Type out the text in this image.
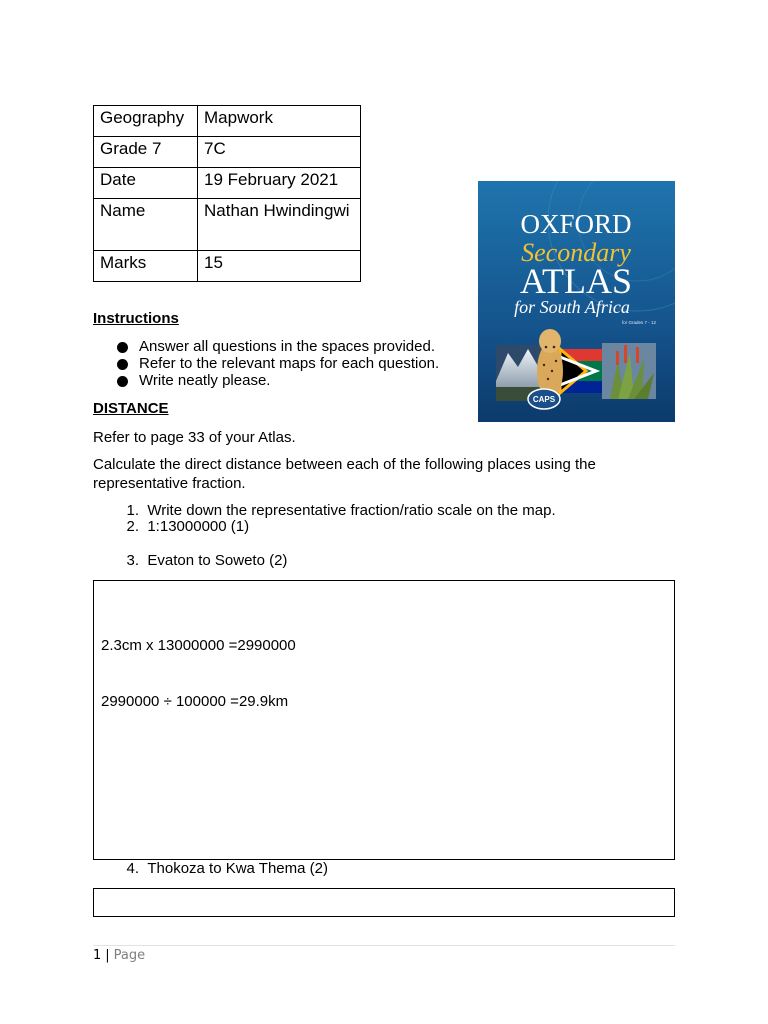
Geography	Mapwork
Grade 7	7C
Date	19 February 2021
Name	Nathan Hwindingwi
Marks	15
OXFORD
Secondary
ATLAS
for South Africa
for Grades 7 - 12
CAPS
Instructions
Answer all questions in the spaces provided.
Refer to the relevant maps for each question.
Write neatly please.
DISTANCE
Refer to page 33 of your Atlas.
Calculate the direct distance between each of the following places using the representative fraction.
1. Write down the representative fraction/ratio scale on the map.
2. 1:13000000 (1)
3. Evaton to Soweto (2)
2.3cm x 13000000 =2990000
2990000 ÷ 100000 =29.9km
4. Thokoza to Kwa Thema (2)
1 | Page
